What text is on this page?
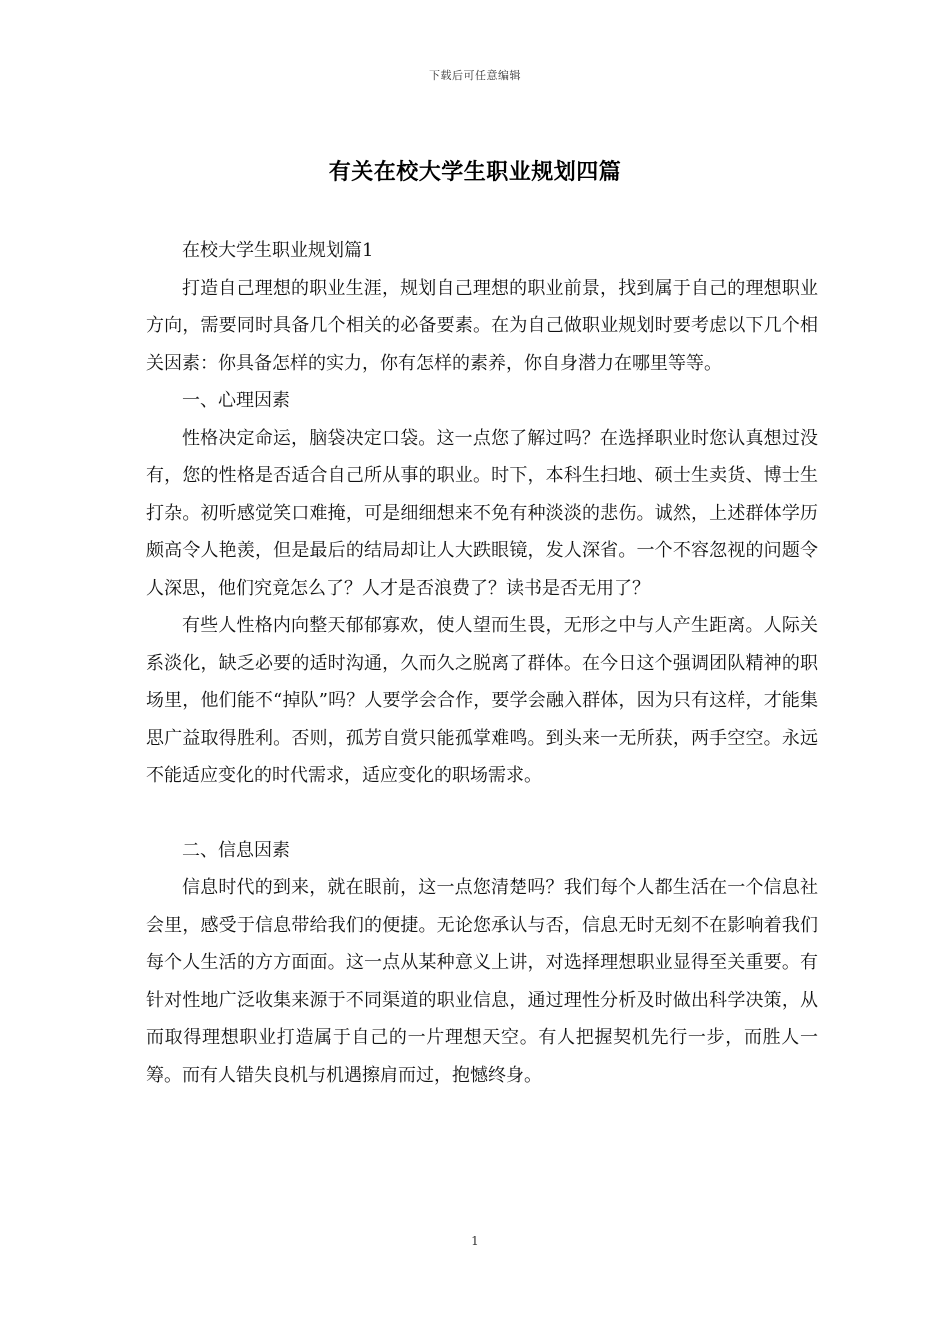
下载后可任意编辑
有关在校大学生职业规划四篇

在校大学生职业规划篇1

打造自己理想的职业生涯，规划自己理想的职业前景，找到属于自己的理想职业方向，需要同时具备几个相关的必备要素。在为自己做职业规划时要考虑以下几个相关因素：你具备怎样的实力，你有怎样的素养，你自身潜力在哪里等等。

一、心理因素

性格决定命运，脑袋决定口袋。这一点您了解过吗？在选择职业时您认真想过没有，您的性格是否适合自己所从事的职业。时下，本科生扫地、硕士生卖货、博士生打杂。初听感觉笑口难掩，可是细细想来不免有种淡淡的悲伤。诚然，上述群体学历颇高令人艳羡，但是最后的结局却让人大跌眼镜，发人深省。一个不容忽视的问题令人深思，他们究竟怎么了？人才是否浪费了？读书是否无用了？

有些人性格内向整天郁郁寡欢，使人望而生畏，无形之中与人产生距离。人际关系淡化，缺乏必要的适时沟通，久而久之脱离了群体。在今日这个强调团队精神的职场里，他们能不“掉队”吗？人要学会合作，要学会融入群体，因为只有这样，才能集思广益取得胜利。否则，孤芳自赏只能孤掌难鸣。到头来一无所获，两手空空。永远不能适应变化的时代需求，适应变化的职场需求。

二、信息因素

信息时代的到来，就在眼前，这一点您清楚吗？我们每个人都生活在一个信息社会里，感受于信息带给我们的便捷。无论您承认与否，信息无时无刻不在影响着我们每个人生活的方方面面。这一点从某种意义上讲，对选择理想职业显得至关重要。有针对性地广泛收集来源于不同渠道的职业信息，通过理性分析及时做出科学决策，从而取得理想职业打造属于自己的一片理想天空。有人把握契机先行一步，而胜人一筹。而有人错失良机与机遇擦肩而过，抱憾终身。

1
